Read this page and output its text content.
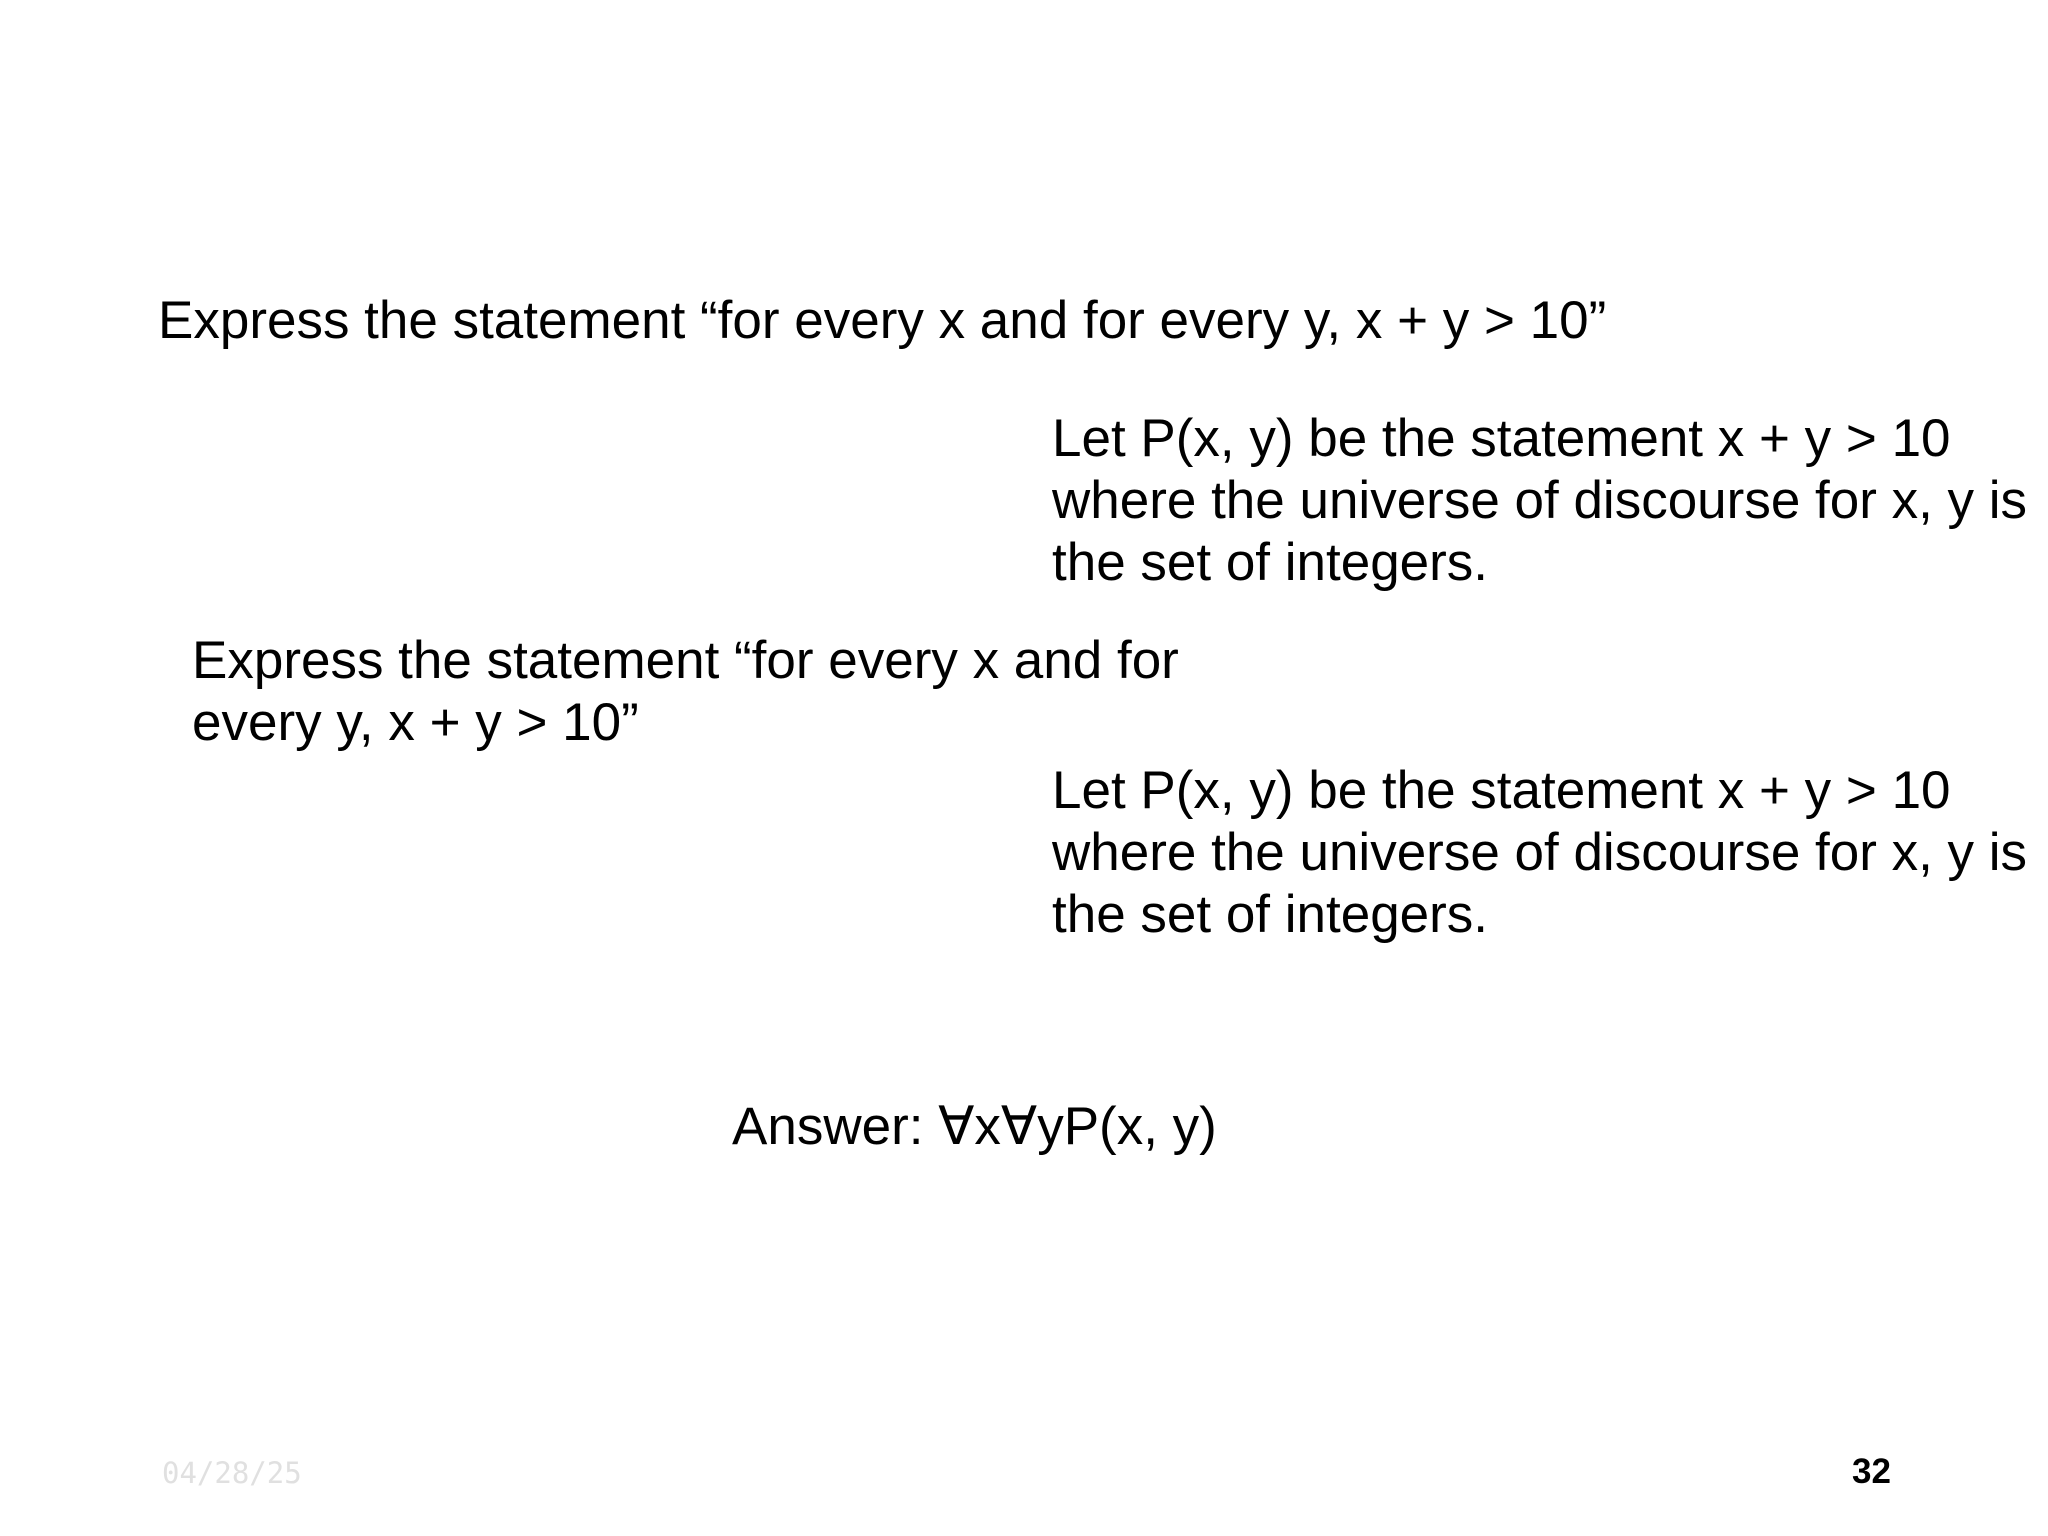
Express the statement “for every x and for every y, x + y > 10”

Let P(x, y) be the statement x + y > 10
where the universe of discourse for x, y is
the set of integers.
Express the statement “for every x and for
every y, x + y > 10”
Let P(x, y) be the statement x + y > 10
where the universe of discourse for x, y is
the set of integers.

Answer: ∀x∀yP(x, y)

04/28/25	32
